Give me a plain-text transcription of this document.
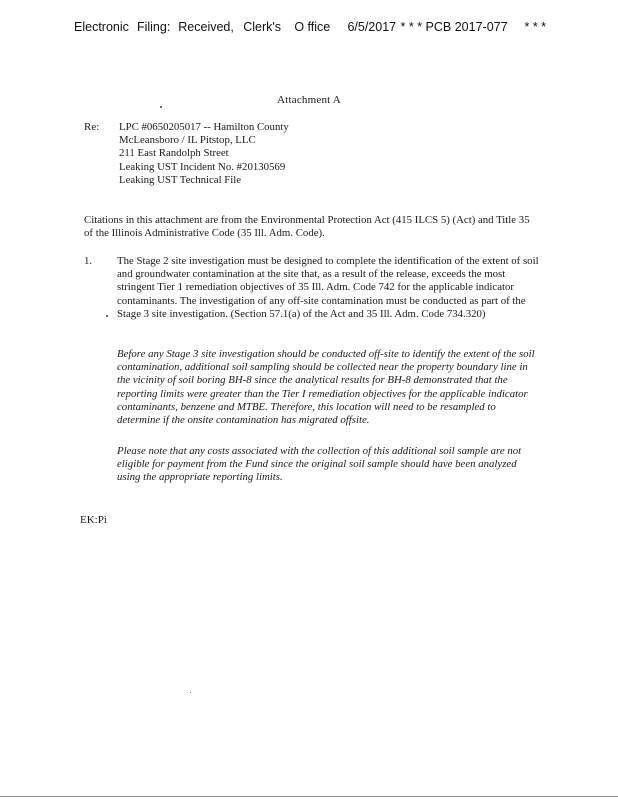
Electronic Filing: Received, Clerk's	O ffice	6/5/2017 * * * PCB 2017-077	* * *
Attachment A
Re: LPC #0650205017 -- Hamilton County
McLeansboro / IL Pitstop, LLC
211 East Randolph Street
Leaking UST Incident No. #20130569
Leaking UST Technical File
Citations in this attachment are from the Environmental Protection Act (415 ILCS 5) (Act) and Title 35 of the Illinois Administrative Code (35 Ill. Adm. Code).
1. The Stage 2 site investigation must be designed to complete the identification of the extent of soil and groundwater contamination at the site that, as a result of the release, exceeds the most stringent Tier 1 remediation objectives of 35 Ill. Adm. Code 742 for the applicable indicator contaminants. The investigation of any off-site contamination must be conducted as part of the Stage 3 site investigation. (Section 57.1(a) of the Act and 35 Ill. Adm. Code 734.320)
Before any Stage 3 site investigation should be conducted off-site to identify the extent of the soil contamination, additional soil sampling should be collected near the property boundary line in the vicinity of soil boring BH-8 since the analytical results for BH-8 demonstrated that the reporting limits were greater than the Tier I remediation objectives for the applicable indicator contaminants, benzene and MTBE. Therefore, this location will need to be resampled to determine if the onsite contamination has migrated offsite.
Please note that any costs associated with the collection of this additional soil sample are not eligible for payment from the Fund since the original soil sample should have been analyzed using the appropriate reporting limits.
EK:Pi
